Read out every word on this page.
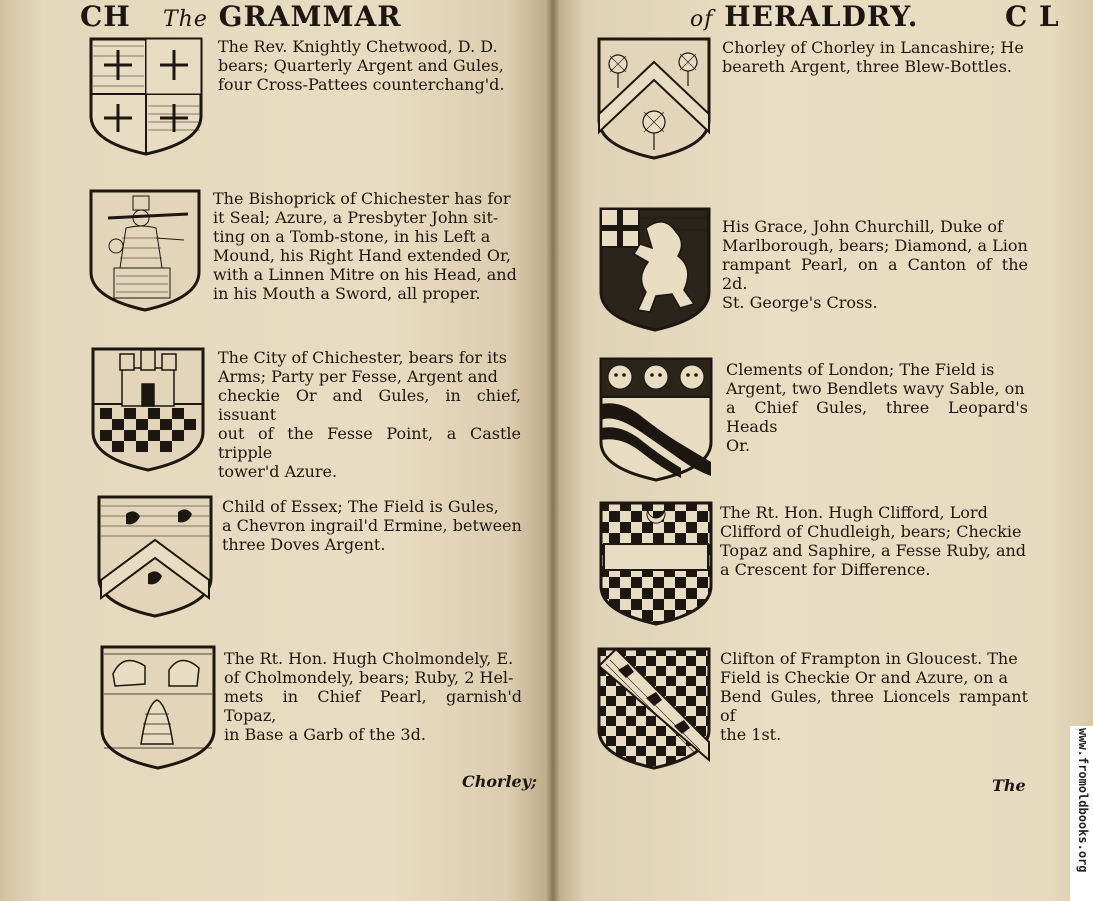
CH The GRAMMAR	of HERALDRY.	C L
The Rev. Knightly Chetwood, D. D.
bears; Quarterly Argent and Gules,
four Cross-Pattees counterchang'd.
The Bishoprick of Chichester has for
it Seal; Azure, a Presbyter John sit-
ting on a Tomb-stone, in his Left a
Mound, his Right Hand extended Or,
with a Linnen Mitre on his Head, and
in his Mouth a Sword, all proper.
The City of Chichester, bears for its
Arms; Party per Fesse, Argent and
checkie Or and Gules, in chief, issuant
out of the Fesse Point, a Castle tripple
tower'd Azure.
Child of Essex; The Field is Gules,
a Chevron ingrail'd Ermine, between
three Doves Argent.
The Rt. Hon. Hugh Cholmondely, E.
of Cholmondely, bears; Ruby, 2 Hel-
mets in Chief Pearl, garnish'd Topaz,
in Base a Garb of the 3d.
Chorley;
Chorley of Chorley in Lancashire; He
beareth Argent, three Blew-Bottles.
His Grace, John Churchill, Duke of
Marlborough, bears; Diamond, a Lion
rampant Pearl, on a Canton of the 2d.
St. George's Cross.
Clements of London; The Field is
Argent, two Bendlets wavy Sable, on
a Chief Gules, three Leopard's Heads
Or.
The Rt. Hon. Hugh Clifford, Lord
Clifford of Chudleigh, bears; Checkie
Topaz and Saphire, a Fesse Ruby, and
a Crescent for Difference.
Clifton of Frampton in Gloucest. The
Field is Checkie Or and Azure, on a
Bend Gules, three Lioncels rampant of
the 1st.
The	www.fromoldbooks.org
